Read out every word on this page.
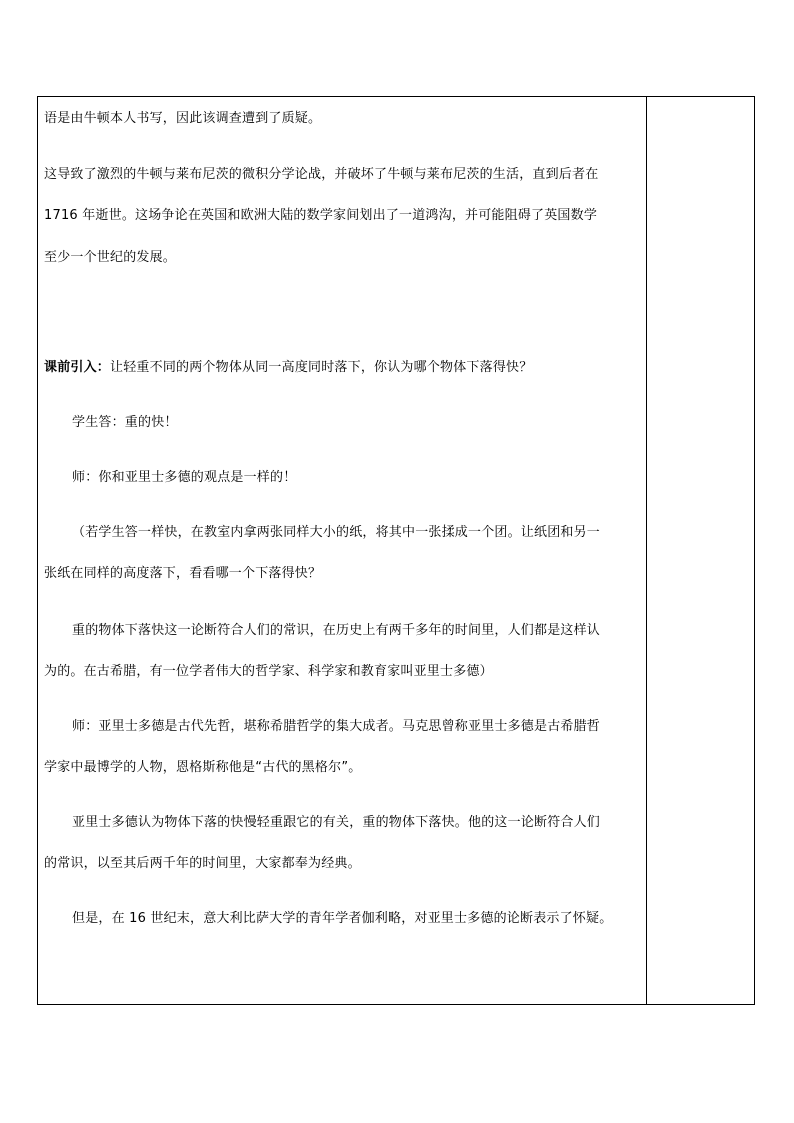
语是由牛顿本人书写，因此该调查遭到了质疑。
这导致了激烈的牛顿与莱布尼茨的微积分学论战，并破坏了牛顿与莱布尼茨的生活，直到后者在
1716 年逝世。这场争论在英国和欧洲大陆的数学家间划出了一道鸿沟，并可能阻碍了英国数学
至少一个世纪的发展。
课前引入：让轻重不同的两个物体从同一高度同时落下，你认为哪个物体下落得快？
学生答：重的快！
师：你和亚里士多德的观点是一样的！
（若学生答一样快，在教室内拿两张同样大小的纸，将其中一张揉成一个团。让纸团和另一
张纸在同样的高度落下，看看哪一个下落得快？
重的物体下落快这一论断符合人们的常识，在历史上有两千多年的时间里，人们都是这样认
为的。在古希腊，有一位学者伟大的哲学家、科学家和教育家叫亚里士多德）
师：亚里士多德是古代先哲，堪称希腊哲学的集大成者。马克思曾称亚里士多德是古希腊哲
学家中最博学的人物，恩格斯称他是“古代的黑格尔”。
亚里士多德认为物体下落的快慢轻重跟它的有关，重的物体下落快。他的这一论断符合人们
的常识，以至其后两千年的时间里，大家都奉为经典。
但是，在 16 世纪末，意大利比萨大学的青年学者伽利略，对亚里士多德的论断表示了怀疑。
